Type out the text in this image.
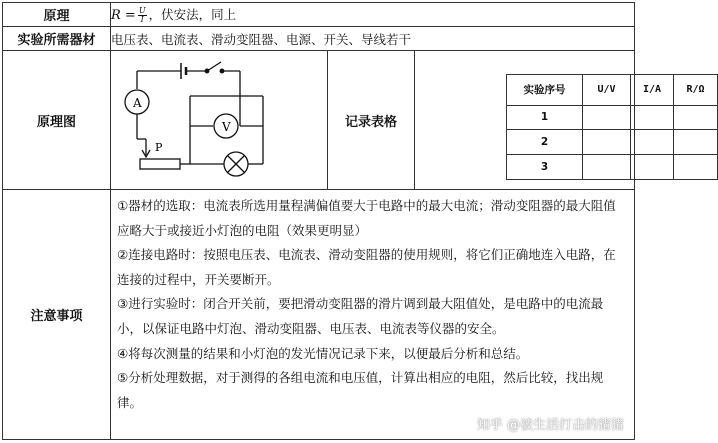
原理	$R = \frac{U}{I}$ ，伏安法，同上
实验所需器材	电压表、电流表、滑动变阻器、电源、开关、导线若干
原理图	
A
V
P
	记录表格	
实验序号	U/V	I/A	R/Ω
1			
2			
3			

注意事项	

①器材的选取：电流表所选用量程满偏值要大于电路中的最大电流；滑动变阻器的最大阻值应略大于或接近小灯泡的电阻（效果更明显）

②连接电路时：按照电压表、电流表、滑动变阻器的使用规则，将它们正确地连入电路，在连接的过程中，开关要断开。

③进行实验时：闭合开关前，要把滑动变阻器的滑片调到最大阻值处，是电路中的电流最小，以保证电路中灯泡、滑动变阻器、电压表、电流表等仪器的安全。

④将每次测量的结果和小灯泡的发光情况记录下来，以便最后分析和总结。

⑤分析处理数据，对于测得的各组电流和电压值，计算出相应的电阻，然后比较，找出规律。

知乎 @被生活打击的猪猪
